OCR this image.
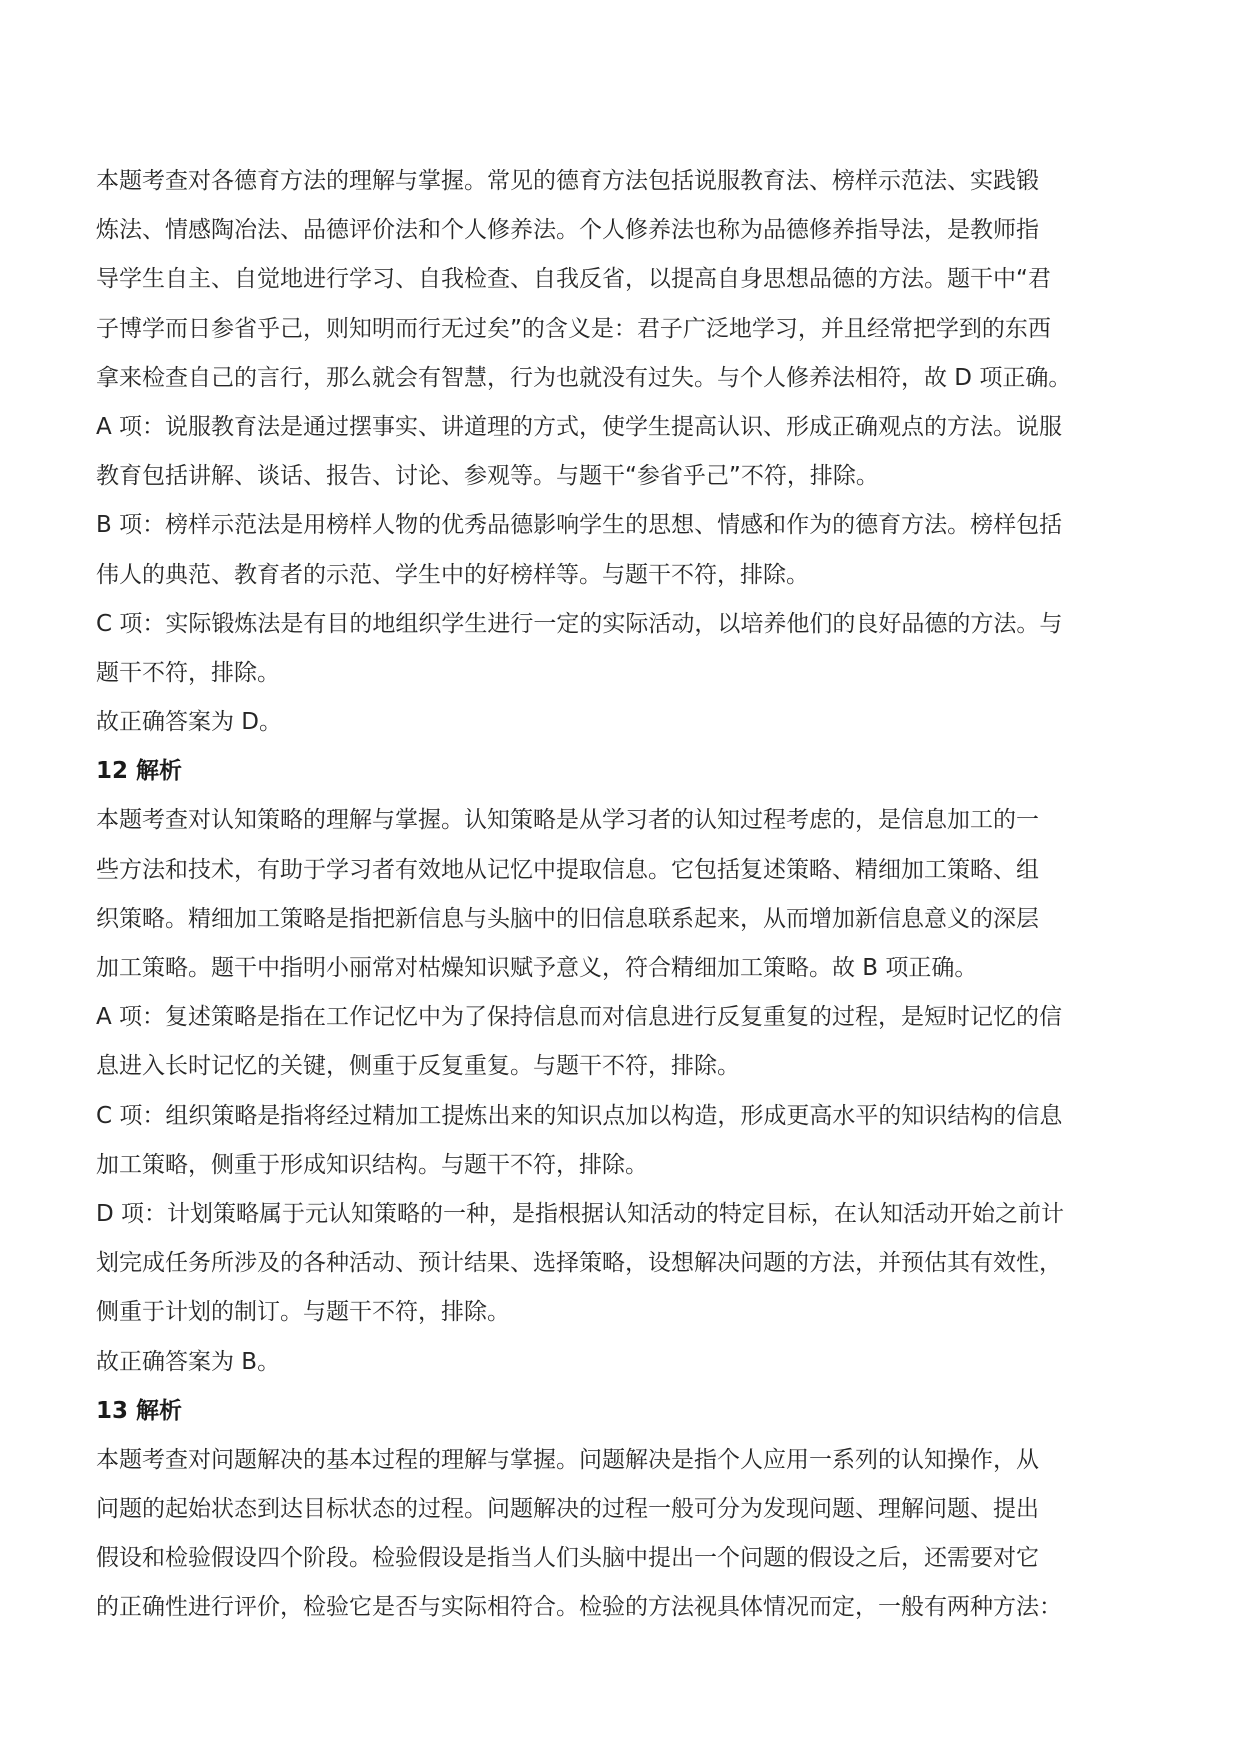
本题考查对各德育方法的理解与掌握。常见的德育方法包括说服教育法、榜样示范法、实践锻
炼法、情感陶冶法、品德评价法和个人修养法。个人修养法也称为品德修养指导法，是教师指
导学生自主、自觉地进行学习、自我检查、自我反省，以提高自身思想品德的方法。题干中“君
子博学而日参省乎己，则知明而行无过矣”的含义是：君子广泛地学习，并且经常把学到的东西
拿来检查自己的言行，那么就会有智慧，行为也就没有过失。与个人修养法相符，故 D 项正确。
A 项：说服教育法是通过摆事实、讲道理的方式，使学生提高认识、形成正确观点的方法。说服
教育包括讲解、谈话、报告、讨论、参观等。与题干“参省乎己”不符，排除。
B 项：榜样示范法是用榜样人物的优秀品德影响学生的思想、情感和作为的德育方法。榜样包括
伟人的典范、教育者的示范、学生中的好榜样等。与题干不符，排除。
C 项：实际锻炼法是有目的地组织学生进行一定的实际活动，以培养他们的良好品德的方法。与
题干不符，排除。
故正确答案为 D。
12 解析
本题考查对认知策略的理解与掌握。认知策略是从学习者的认知过程考虑的，是信息加工的一
些方法和技术，有助于学习者有效地从记忆中提取信息。它包括复述策略、精细加工策略、组
织策略。精细加工策略是指把新信息与头脑中的旧信息联系起来，从而增加新信息意义的深层
加工策略。题干中指明小丽常对枯燥知识赋予意义，符合精细加工策略。故 B 项正确。
A 项：复述策略是指在工作记忆中为了保持信息而对信息进行反复重复的过程，是短时记忆的信
息进入长时记忆的关键，侧重于反复重复。与题干不符，排除。
C 项：组织策略是指将经过精加工提炼出来的知识点加以构造，形成更高水平的知识结构的信息
加工策略，侧重于形成知识结构。与题干不符，排除。
D 项：计划策略属于元认知策略的一种，是指根据认知活动的特定目标，在认知活动开始之前计
划完成任务所涉及的各种活动、预计结果、选择策略，设想解决问题的方法，并预估其有效性，
侧重于计划的制订。与题干不符，排除。
故正确答案为 B。
13 解析
本题考查对问题解决的基本过程的理解与掌握。问题解决是指个人应用一系列的认知操作，从
问题的起始状态到达目标状态的过程。问题解决的过程一般可分为发现问题、理解问题、提出
假设和检验假设四个阶段。检验假设是指当人们头脑中提出一个问题的假设之后，还需要对它
的正确性进行评价，检验它是否与实际相符合。检验的方法视具体情况而定，一般有两种方法：
